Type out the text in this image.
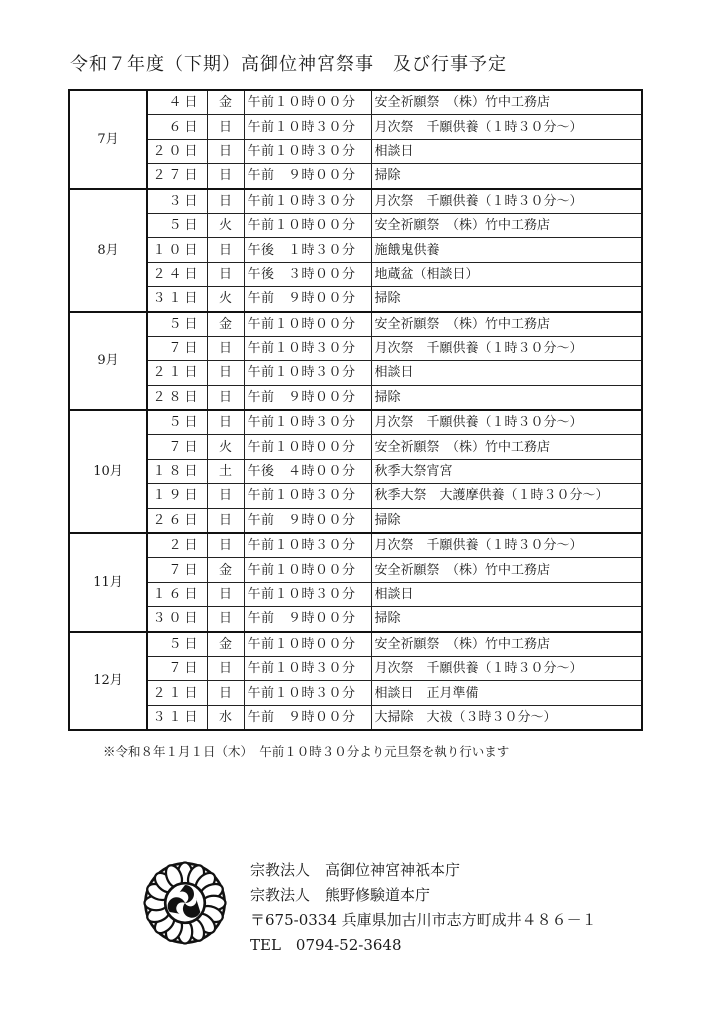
令和７年度（下期）高御位神宮祭事　及び行事予定
7月	４日	金	午前１０時００分	安全祈願祭　（株）竹中工務店
	６日	日	午前１０時３０分	月次祭　千願供養（１時３０分～）
	２０日	日	午前１０時３０分	相談日
	２７日	日	午前　９時００分	掃除
8月	３日	日	午前１０時３０分	月次祭　千願供養（１時３０分～）
	５日	火	午前１０時００分	安全祈願祭　（株）竹中工務店
	１０日	日	午後　１時３０分	施餓鬼供養
	２４日	日	午後　３時００分	地蔵盆（相談日）
	３１日	火	午前　９時００分	掃除
9月	５日	金	午前１０時００分	安全祈願祭　（株）竹中工務店
	７日	日	午前１０時３０分	月次祭　千願供養（１時３０分～）
	２１日	日	午前１０時３０分	相談日
	２８日	日	午前　９時００分	掃除
10月	５日	日	午前１０時３０分	月次祭　千願供養（１時３０分～）
	７日	火	午前１０時００分	安全祈願祭　（株）竹中工務店
	１８日	土	午後　４時００分	秋季大祭宵宮
	１９日	日	午前１０時３０分	秋季大祭　大護摩供養（１時３０分～）
	２６日	日	午前　９時００分	掃除
11月	２日	日	午前１０時３０分	月次祭　千願供養（１時３０分～）
	７日	金	午前１０時００分	安全祈願祭　（株）竹中工務店
	１６日	日	午前１０時３０分	相談日
	３０日	日	午前　９時００分	掃除
12月	５日	金	午前１０時００分	安全祈願祭　（株）竹中工務店
	７日	日	午前１０時３０分	月次祭　千願供養（１時３０分～）
	２１日	日	午前１０時３０分	相談日　正月準備
	３１日	水	午前　９時００分	大掃除　大祓（３時３０分～）
※令和８年１月１日（木）　午前１０時３０分より元旦祭を執り行います
宗教法人　高御位神宮神祇本庁
宗教法人　熊野修験道本庁
〒675-0334 兵庫県加古川市志方町成井４８６－１
TEL　0794-52-3648
